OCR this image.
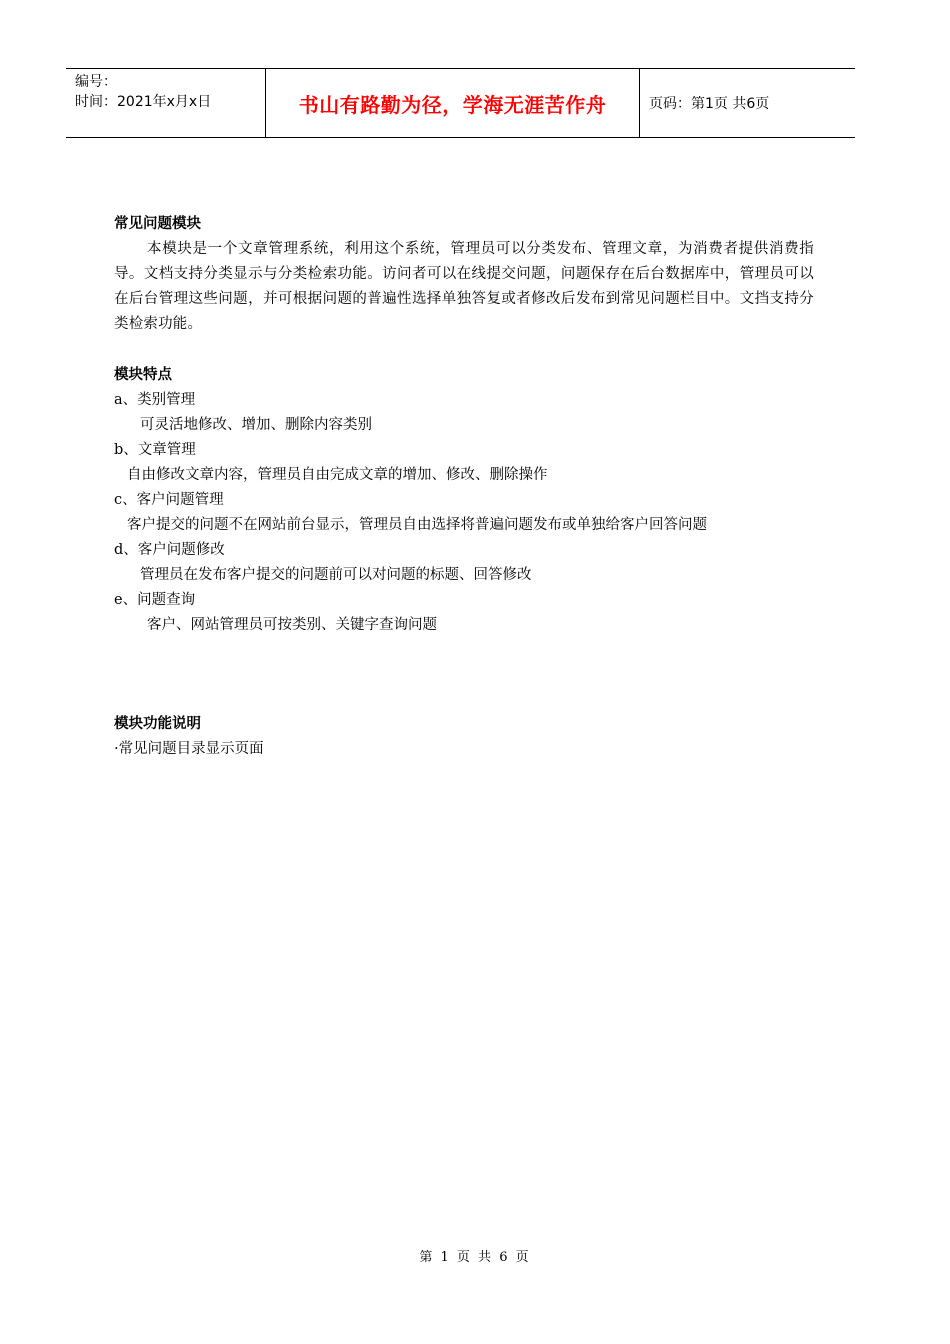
编号：
时间：2021年x月x日	书山有路勤为径，学海无涯苦作舟	页码：第1页 共6页
常见问题模块
本模块是一个文章管理系统，利用这个系统，管理员可以分类发布、管理文章，为消费者提供消费指导。文档支持分类显示与分类检索功能。访问者可以在线提交问题，问题保存在后台数据库中，管理员可以在后台管理这些问题，并可根据问题的普遍性选择单独答复或者修改后发布到常见问题栏目中。文挡支持分类检索功能。
模块特点
a、类别管理
可灵活地修改、增加、删除内容类别
b、文章管理
自由修改文章内容，管理员自由完成文章的增加、修改、删除操作
c、客户问题管理
客户提交的问题不在网站前台显示，管理员自由选择将普遍问题发布或单独给客户回答问题
d、客户问题修改
管理员在发布客户提交的问题前可以对问题的标题、回答修改
e、问题查询
客户、网站管理员可按类别、关键字查询问题
模块功能说明
·常见问题目录显示页面
第 1 页 共 6 页
